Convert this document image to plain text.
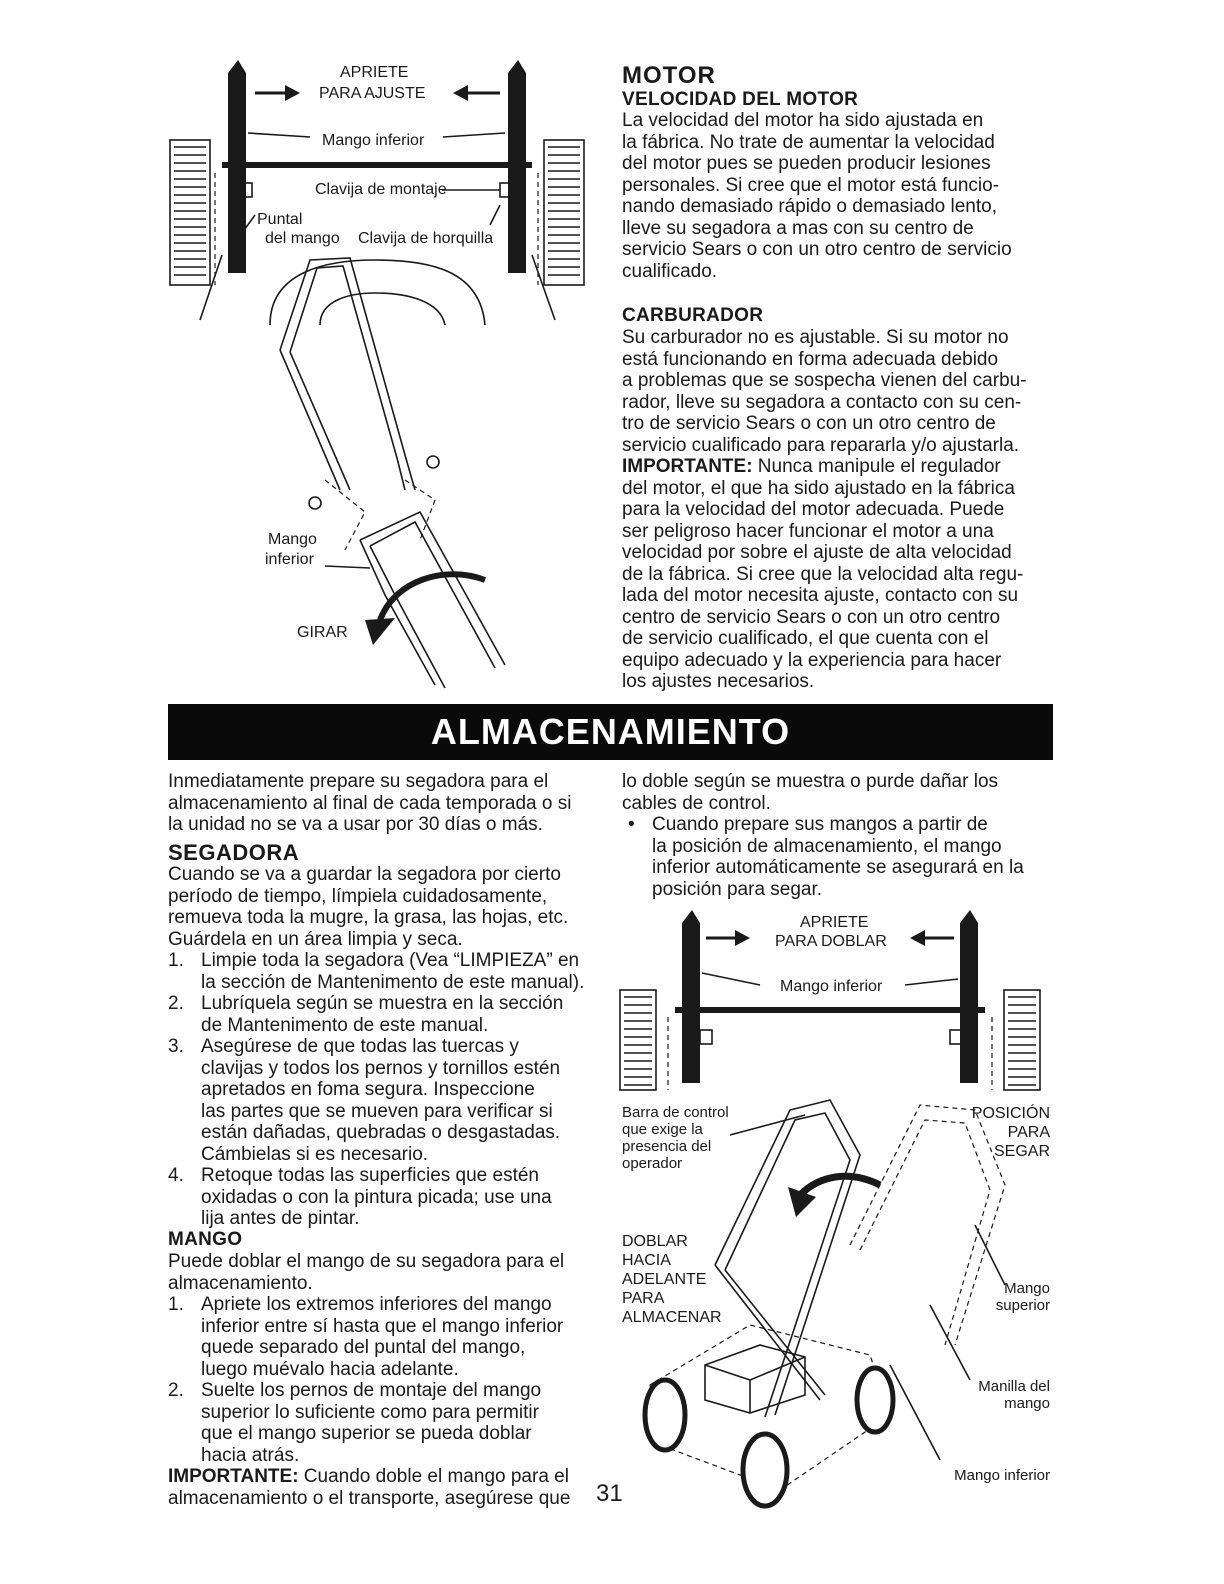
APRIETE
PARA AJUSTE
Mango inferior
Clavija de montaje
Puntal
del mango Clavija de horquilla
Mango
inferior
GIRAR
MOTOR
VELOCIDAD DEL MOTOR

La velocidad del motor ha sido ajustada en

la fábrica. No trate de aumentar la velocidad

del motor pues se pueden producir lesiones

personales. Si cree que el motor está funcio-

nando demasiado rápido o demasiado lento,

lleve su segadora a mas con su centro de

servicio Sears o con un otro centro de servicio

cualificado.

CARBURADOR

Su carburador no es ajustable. Si su motor no

está funcionando en forma adecuada debido

a problemas que se sospecha vienen del carbu-

rador, lleve su segadora a contacto con su cen-

tro de servicio Sears o con un otro centro de

servicio cualificado para repararla y/o ajustarla.

IMPORTANTE: Nunca manipule el regulador

del motor, el que ha sido ajustado en la fábrica

para la velocidad del motor adecuada. Puede

ser peligroso hacer funcionar el motor a una

velocidad por sobre el ajuste de alta velocidad

de la fábrica. Si cree que la velocidad alta regu-

lada del motor necesita ajuste, contacto con su

centro de servicio Sears o con un otro centro

de servicio cualificado, el que cuenta con el

equipo adecuado y la experiencia para hacer

los ajustes necesarios.

ALMACENAMIENTO

Inmediatamente prepare su segadora para el

almacenamiento al final de cada temporada o si

la unidad no se va a usar por 30 días o más.

SEGADORA

Cuando se va a guardar la segadora por cierto

período de tiempo, límpiela cuidadosamente,

remueva toda la mugre, la grasa, las hojas, etc.

Guárdela en un área limpia y seca.

1. Limpie toda la segadora (Vea “LIMPIEZA” en

la sección de Mantenimento de este manual).

2. Lubríquela según se muestra en la sección

de Mantenimento de este manual.

3. Asegúrese de que todas las tuercas y

clavijas y todos los pernos y tornillos estén

apretados en foma segura. Inspeccione

las partes que se mueven para verificar si

están dañadas, quebradas o desgastadas.

Cámbielas si es necesario.

4. Retoque todas las superficies que estén

oxidadas o con la pintura picada; use una

lija antes de pintar.

MANGO

Puede doblar el mango de su segadora para el

almacenamiento.

1. Apriete los extremos inferiores del mango

inferior entre sí hasta que el mango inferior

quede separado del puntal del mango,

luego muévalo hacia adelante.

2. Suelte los pernos de montaje del mango

superior lo suficiente como para permitir

que el mango superior se pueda doblar

hacia atrás.

IMPORTANTE: Cuando doble el mango para el

almacenamiento o el transporte, asegúrese que	31

lo doble según se muestra o purde dañar los

cables de control.

• Cuando prepare sus mangos a partir de

la posición de almacenamiento, el mango

inferior automáticamente se asegurará en la

posición para segar.

APRIETE
PARA DOBLAR
Mango inferior

Barra de control

que exige la

presencia del

operador

POSICIÓN

PARA

SEGAR

DOBLAR

HACIA

ADELANTE

PARA

ALMACENAR

Mango

superior

Manilla del

mango

Mango inferior
